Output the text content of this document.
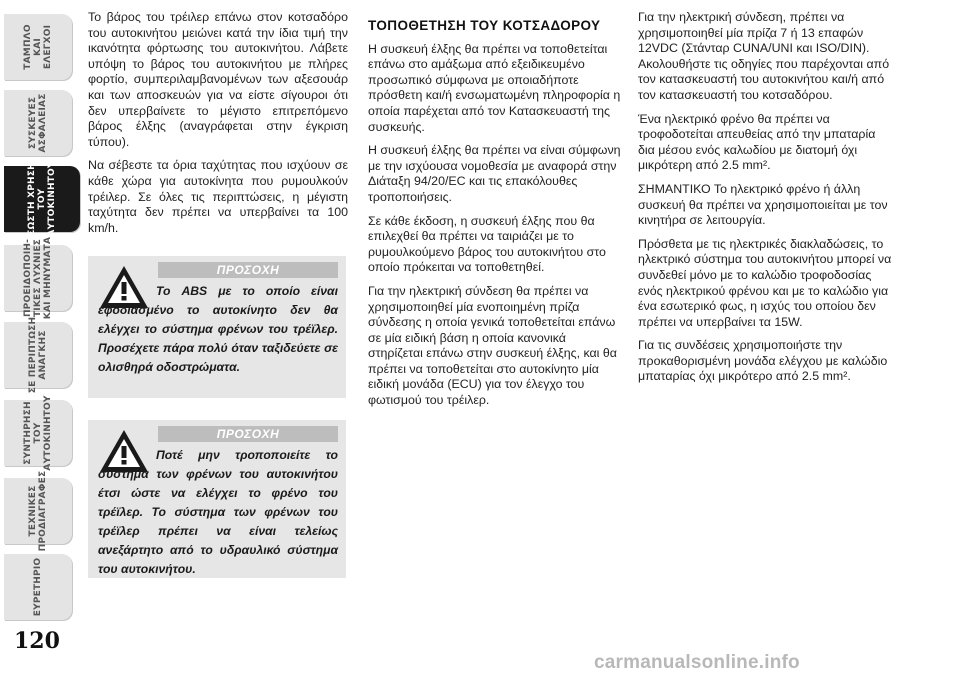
ΤΑΜΠΛΟ
ΚΑΙ
ΕΛΕΓΧΟΙ
ΣΥΣΚΕΥΕΣ
ΑΣΦΑΛΕΙΑΣ
ΣΩΣΤΗ ΧΡΗΣΗ
ΤΟΥ
ΑΥΤΟΚΙΝΗΤΟΥ
ΠΡΟΕΙΔΟΠΟΙΗ-
ΤΙΚΕΣ ΛΥΧΝΙΕΣ
ΚΑΙ ΜΗΝΥΜΑΤΑ
ΣΕ ΠΕΡΙΠΤΩΣΗ
ΑΝΑΓΚΗΣ
ΣΥΝΤΗΡΗΣΗ
ΤΟΥ
ΑΥΤΟΚΙΝΗΤΟΥ
ΤΕΧΝΙΚΕΣ
ΠΡΟΔΙΑΓΡΑΦΕΣ
ΕΥΡΕΤΗΡΙΟ
120

Το βάρος του τρέιλερ επάνω στον κοτσαδόρο του αυτοκινήτου μειώνει κατά την ίδια τιμή την ικανότητα φόρτωσης του αυτοκινήτου. Λάβετε υπόψη το βάρος του αυτοκινήτου με πλήρες φορτίο, συμπεριλαμβανομένων των αξεσουάρ και των αποσκευών για να είστε σίγουροι ότι δεν υπερβαίνετε το μέγιστο επιτρεπόμενο βάρος έλξης (αναγράφεται στην έγκριση τύπου).

Να σέβεστε τα όρια ταχύτητας που ισχύουν σε κάθε χώρα για αυτοκίνητα που ρυμουλκούν τρέιλερ. Σε όλες τις περιπτώσεις, η μέγιστη ταχύτητα δεν πρέπει να υπερβαίνει τα 100 km/h.

ΠΡΟΣΟΧΗ
Το ABS με το οποίο είναι εφοδιασμένο το αυτοκίνητο δεν θα ελέγχει το σύστημα φρένων του τρέϊλερ. Προσέχετε πάρα πολύ όταν ταξιδεύετε σε ολισθηρά οδοστρώματα.
ΠΡΟΣΟΧΗ
Ποτέ μην τροποποιείτε το σύστημα των φρένων του αυτοκινήτου έτσι ώστε να ελέγχει το φρένο του τρέϊλερ. Το σύστημα των φρένων του τρέϊλερ πρέπει να είναι τελείως ανεξάρτητο από το υδραυλικό σύστημα του αυτοκινήτου.
ΤΟΠΟΘΕΤΗΣΗ ΤΟΥ ΚΟΤΣΑΔΟΡΟΥ

Η συσκευή έλξης θα πρέπει να τοποθετείται επάνω στο αμάξωμα από εξειδικευμένο προσωπικό σύμφωνα με οποιαδήποτε πρόσθετη και/ή ενσωματωμένη πληροφορία η οποία παρέχεται από τον Κατασκευαστή της συσκευής.

Η συσκευή έλξης θα πρέπει να είναι σύμφωνη με την ισχύουσα νομοθεσία με αναφορά στην Διάταξη 94/20/EC και τις επακόλουθες τροποποιήσεις.

Σε κάθε έκδοση, η συσκευή έλξης που θα επιλεχθεί θα πρέπει να ταιριάζει με το ρυμουλκούμενο βάρος του αυτοκινήτου στο οποίο πρόκειται να τοποθετηθεί.

Για την ηλεκτρική σύνδεση θα πρέπει να χρησιμοποιηθεί μία ενοποιημένη πρίζα σύνδεσης η οποία γενικά τοποθετείται επάνω σε μία ειδική βάση η οποία κανονικά στηρίζεται επάνω στην συσκευή έλξης, και θα πρέπει να τοποθετείται στο αυτοκίνητο μία ειδική μονάδα (ECU) για τον έλεγχο του φωτισμού του τρέιλερ.

Για την ηλεκτρική σύνδεση, πρέπει να χρησιμοποιηθεί μία πρίζα 7 ή 13 επαφών 12VDC (Στάνταρ CUNA/UNI και ISO/DIN). Ακολουθήστε τις οδηγίες που παρέχονται από τον κατασκευαστή του αυτοκινήτου και/ή από τον κατασκευαστή του κοτσαδόρου.

Ένα ηλεκτρικό φρένο θα πρέπει να τροφοδοτείται απευθείας από την μπαταρία δια μέσου ενός καλωδίου με διατομή όχι μικρότερη από 2.5 mm².

ΣΗΜΑΝΤΙΚΟ Το ηλεκτρικό φρένο ή άλλη συσκευή θα πρέπει να χρησιμοποιείται με τον κινητήρα σε λειτουργία.

Πρόσθετα με τις ηλεκτρικές διακλαδώσεις, το ηλεκτρικό σύστημα του αυτοκινήτου μπορεί να συνδεθεί μόνο με το καλώδιο τροφοδοσίας ενός ηλεκτρικού φρένου και με το καλώδιο για ένα εσωτερικό φως, η ισχύς του οποίου δεν πρέπει να υπερβαίνει τα 15W.

Για τις συνδέσεις χρησιμοποιήστε την προκαθορισμένη μονάδα ελέγχου με καλώδιο μπαταρίας όχι μικρότερο από 2.5 mm².

carmanualsonline.info
